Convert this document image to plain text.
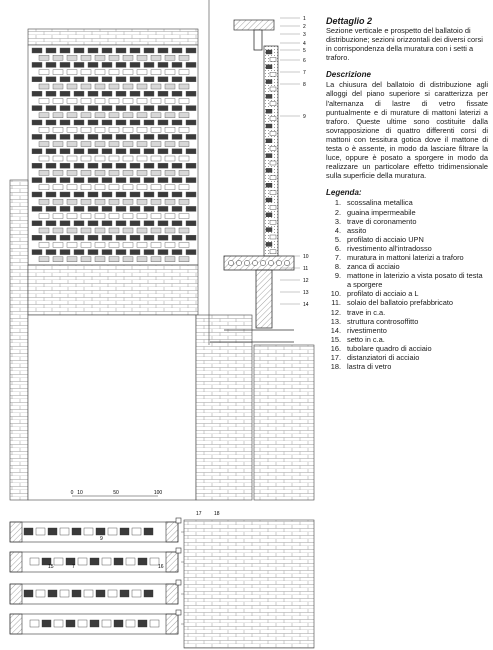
1
2
3
4
5
6
7
8
9
10
11
12
13
14
0 10	50	100
9
15	7	16
17 18
Dettaglio 2

Sezione verticale e prospetto del ballatoio di distribuzione; sezioni orizzontali dei diversi corsi in corrispondenza della muratura con i setti a traforo.

Descrizione

La chiusura del ballatoio di distribuzione agli alloggi del piano superiore si caratterizza per l'alternanza di lastre di vetro fissate puntualmente e di murature di mattoni laterizi a traforo. Queste ultime sono costituite dalla sovrapposizione di quattro differenti corsi di mattoni con tessitura gotica dove il mattone di testa o è assente, in modo da lasciare filtrare la luce, oppure è posato a sporgere in modo da realizzare un particolare effetto tridimensionale sulla superficie della muratura.

Legenda:
1. scossalina metallica
2. guaina impermeabile
3. trave di coronamento
4. assito
5. profilato di acciaio UPN
6. rivestimento all'intradosso
7. muratura in mattoni laterizi a traforo
8. zanca di acciaio
9. mattone in laterizio a vista posato di testa a sporgere
10. profilato di acciaio a L
11. solaio del ballatoio prefabbricato
12. trave in c.a.
13. struttura controsoffitto
14. rivestimento
15. setto in c.a.
16. tubolare quadro di acciaio
17. distanziatori di acciaio
18. lastra di vetro
